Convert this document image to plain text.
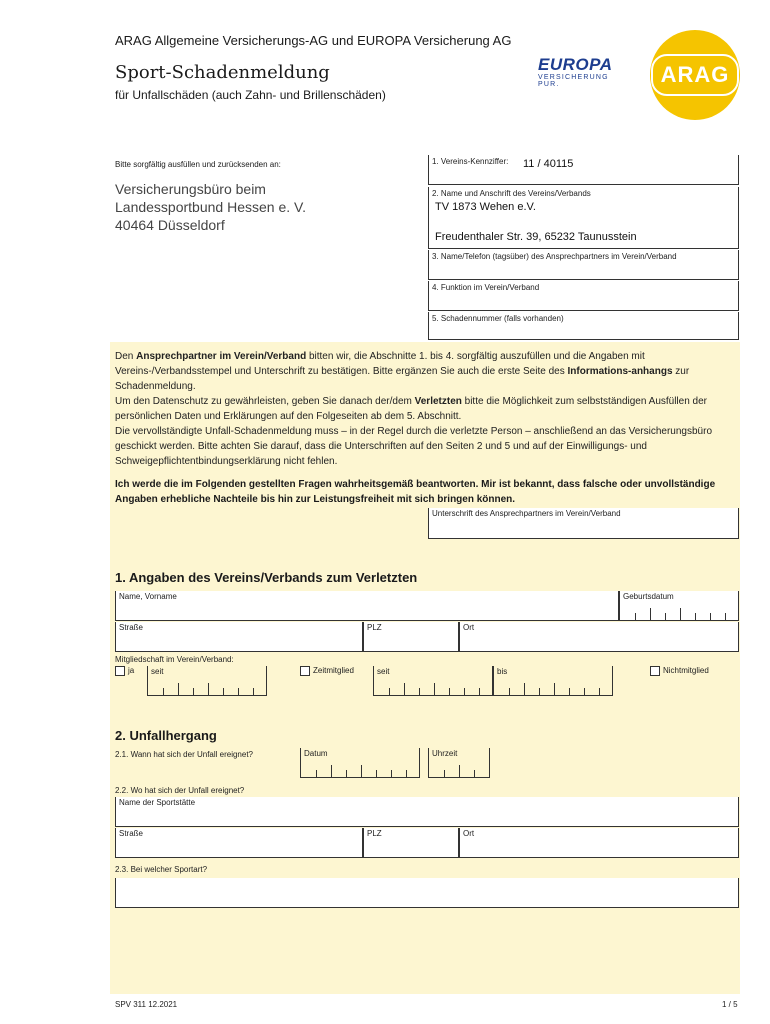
ARAG Allgemeine Versicherungs-AG und EUROPA Versicherung AG
Sport-Schadenmeldung
für Unfallschäden (auch Zahn- und Brillenschäden)
EUROPA
VERSICHERUNG PUR.	ARAG
Bitte sorgfältig ausfüllen und zurücksenden an:
Versicherungsbüro beim
Landessportbund Hessen e. V.
40464 Düsseldorf
1. Vereins-Kennziffer: 11 / 40115
2. Name und Anschrift des Vereins/Verbands
TV 1873 Wehen e.V.
Freudenthaler Str. 39, 65232 Taunusstein
3. Name/Telefon (tagsüber) des Ansprechpartners im Verein/Verband
4. Funktion im Verein/Verband
5. Schadennummer (falls vorhanden)
Den Ansprechpartner im Verein/Verband bitten wir, die Abschnitte 1. bis 4. sorgfältig auszufüllen und die Angaben mit Vereins-/Verbandsstempel und Unterschrift zu bestätigen. Bitte ergänzen Sie auch die erste Seite des Informations-anhangs zur Schadenmeldung.
Um den Datenschutz zu gewährleisten, geben Sie danach der/dem Verletzten bitte die Möglichkeit zum selbstständigen Ausfüllen der persönlichen Daten und Erklärungen auf den Folgeseiten ab dem 5. Abschnitt.
Die vervollständigte Unfall-Schadenmeldung muss – in der Regel durch die verletzte Person – anschließend an das Versicherungsbüro geschickt werden. Bitte achten Sie darauf, dass die Unterschriften auf den Seiten 2 und 5 und auf der Einwilligungs- und Schweigepflichtentbindungserklärung nicht fehlen.
Ich werde die im Folgenden gestellten Fragen wahrheitsgemäß beantworten. Mir ist bekannt, dass falsche oder unvollständige Angaben erhebliche Nachteile bis hin zur Leistungsfreiheit mit sich bringen können.
Unterschrift des Ansprechpartners im Verein/Verband
1. Angaben des Vereins/Verbands zum Verletzten
Name, Vorname	Geburtsdatum
Straße	PLZ	Ort
Mitgliedschaft im Verein/Verband:
ja seit	Zeitmitglied	seit	bis	Nichtmitglied
2. Unfallhergang
2.1. Wann hat sich der Unfall ereignet?	Datum	Uhrzeit
2.2. Wo hat sich der Unfall ereignet?
Name der Sportstätte
Straße	PLZ	Ort
2.3. Bei welcher Sportart?
SPV 311 12.2021	1 / 5
